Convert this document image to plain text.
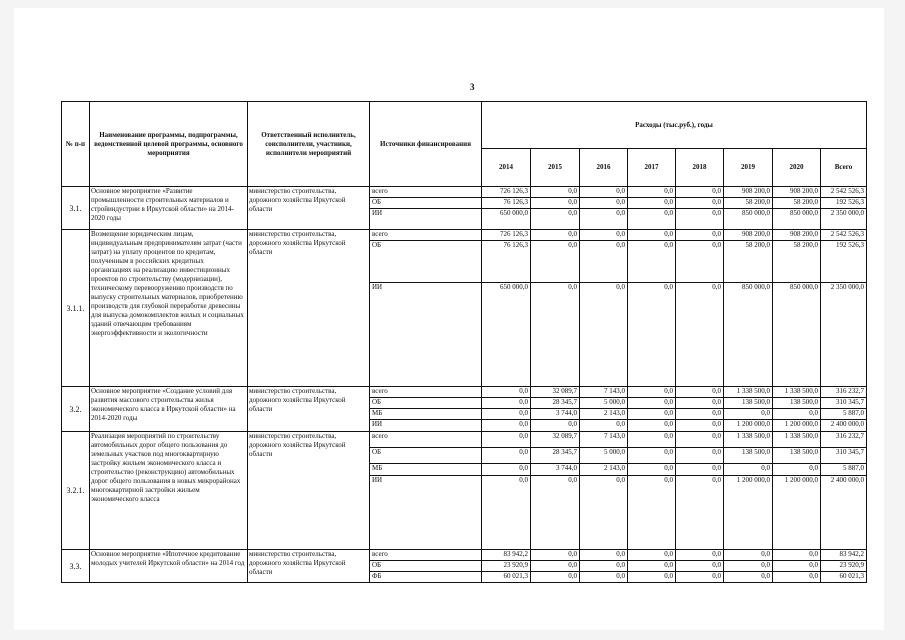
3
№ п-п	Наименование программы, подпрограммы, ведомственной целевой программы, основного мероприятия	Ответственный исполнитель, соисполнители, участники, исполнители мероприятий	Источники финансирования	Расходы (тыс.руб.), годы							
				2014	2015	2016	2017	2018	2019	2020	Всего
3.1.	Основное мероприятие «Развитие промышленности строительных материалов и стройиндустрии в Иркутской области» на 2014-2020 годы	министерство строительства, дорожного хозяйства Иркутской области	всего	726 126,3	0,0	0,0	0,0	0,0	908 200,0	908 200,0	2 542 526,3
			ОБ	76 126,3	0,0	0,0	0,0	0,0	58 200,0	58 200,0	192 526,3
			ИИ	650 000,0	0,0	0,0	0,0	0,0	850 000,0	850 000,0	2 350 000,0
3.1.1.	Возмещение юридическим лицам, индивидуальным предпринимателям затрат (части затрат) на уплату процентов по кредитам, полученным в российских кредитных организациях на реализацию инвестиционных проектов по строительству (модернизации), техническому перевооружению производств по выпуску строительных материалов, приобретению производств для глубокой переработке древесины для выпуска домокомплектов жилых и социальных зданий отвечающим требованиям энергоэффективности и экологичности	министерство строительства, дорожного хозяйства Иркутской области	всего	726 126,3	0,0	0,0	0,0	0,0	908 200,0	908 200,0	2 542 526,3
			ОБ	76 126,3	0,0	0,0	0,0	0,0	58 200,0	58 200,0	192 526,3
			ИИ	650 000,0	0,0	0,0	0,0	0,0	850 000,0	850 000,0	2 350 000,0
3.2.	Основное мероприятие «Создание условий для развития массового строительства жилья экономического класса в Иркутской области» на 2014-2020 годы	министерство строительства, дорожного хозяйства Иркутской области	всего	0,0	32 089,7	7 143,0	0,0	0,0	1 338 500,0	1 338 500,0	316 232,7
			ОБ	0,0	28 345,7	5 000,0	0,0	0,0	138 500,0	138 500,0	310 345,7
			МБ	0,0	3 744,0	2 143,0	0,0	0,0	0,0	0,0	5 887,0
			ИИ	0,0	0,0	0,0	0,0	0,0	1 200 000,0	1 200 000,0	2 400 000,0
3.2.1.	Реализация мероприятий по строительству автомобильных дорог общего пользования до земельных участков под многоквартирную застройку жильем экономического класса и строительство (реконструкцию) автомобильных дорог общего пользования в новых микрорайонах многоквартирной застройки жильем экономического класса	министерство строительства, дорожного хозяйства Иркутской области	всего	0,0	32 089,7	7 143,0	0,0	0,0	1 338 500,0	1 338 500,0	316 232,7
			ОБ	0,0	28 345,7	5 000,0	0,0	0,0	138 500,0	138 500,0	310 345,7
			МБ	0,0	3 744,0	2 143,0	0,0	0,0	0,0	0,0	5 887,0
			ИИ	0,0	0,0	0,0	0,0	0,0	1 200 000,0	1 200 000,0	2 400 000,0
3.3.	Основное мероприятие «Ипотечное кредитование молодых учителей Иркутской области» на 2014 год	министерство строительства, дорожного хозяйства Иркутской области	всего	83 942,2	0,0	0,0	0,0	0,0	0,0	0,0	83 942,2
			ОБ	23 920,9	0,0	0,0	0,0	0,0	0,0	0,0	23 920,9
			ФБ	60 021,3	0,0	0,0	0,0	0,0	0,0	0,0	60 021,3
